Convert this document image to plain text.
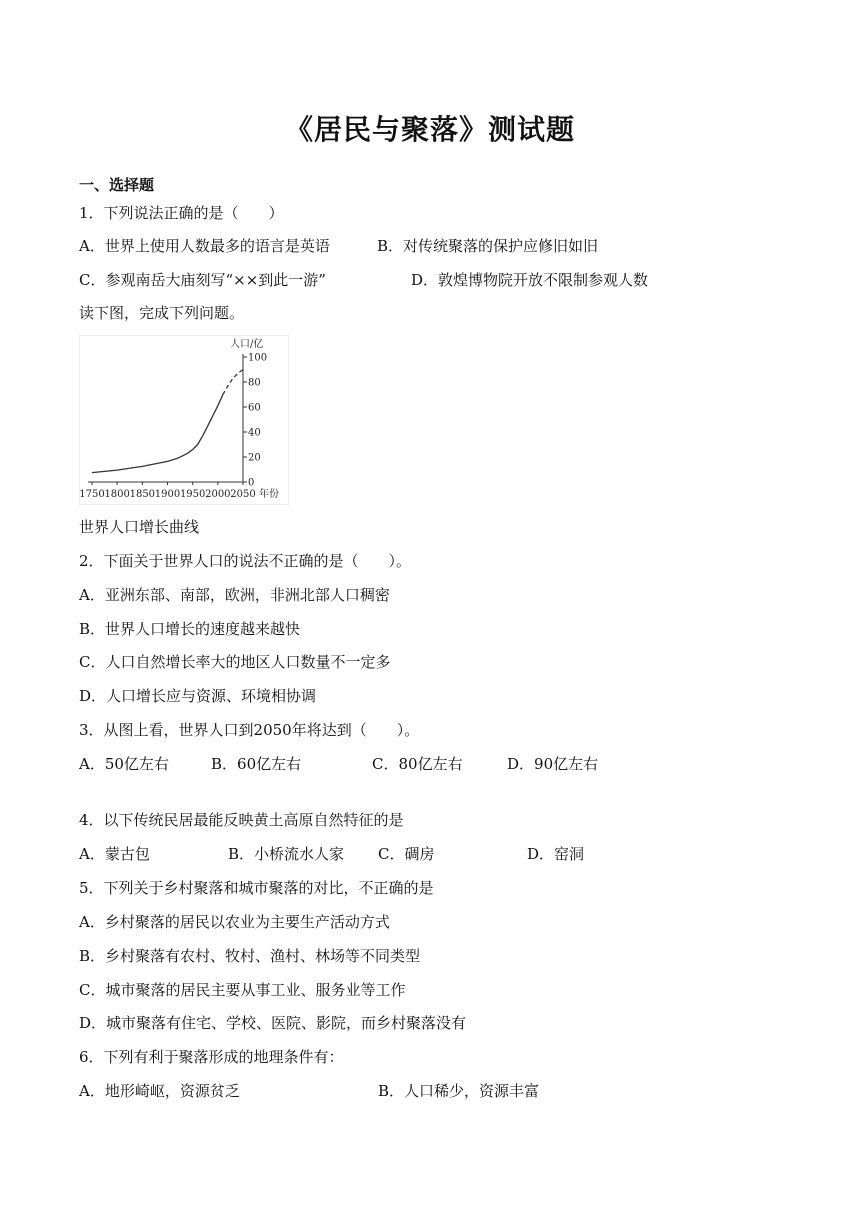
《居民与聚落》测试题
一、选择题
1．下列说法正确的是（　　）
A．世界上使用人数最多的语言是英语	B．对传统聚落的保护应修旧如旧
C．参观南岳大庙刻写“××到此一游”	D．敦煌博物院开放不限制参观人数
读下图，完成下列问题。
0
20
40
60
80
100
人口/亿
1750 1800 1850 1900 1950 2000 2050 年份
世界人口增长曲线
2．下面关于世界人口的说法不正确的是（　　）。
A．亚洲东部、南部，欧洲，非洲北部人口稠密
B．世界人口增长的速度越来越快
C．人口自然增长率大的地区人口数量不一定多
D．人口增长应与资源、环境相协调
3．从图上看，世界人口到2050年将达到（　　）。
A．50亿左右	B．60亿左右	C．80亿左右	D．90亿左右
4．以下传统民居最能反映黄土高原自然特征的是
A．蒙古包	B．小桥流水人家 C．碉房	D．窑洞
5．下列关于乡村聚落和城市聚落的对比，不正确的是
A．乡村聚落的居民以农业为主要生产活动方式
B．乡村聚落有农村、牧村、渔村、林场等不同类型
C．城市聚落的居民主要从事工业、服务业等工作
D．城市聚落有住宅、学校、医院、影院，而乡村聚落没有
6．下列有利于聚落形成的地理条件有：
A．地形崎岖，资源贫乏	B．人口稀少，资源丰富
